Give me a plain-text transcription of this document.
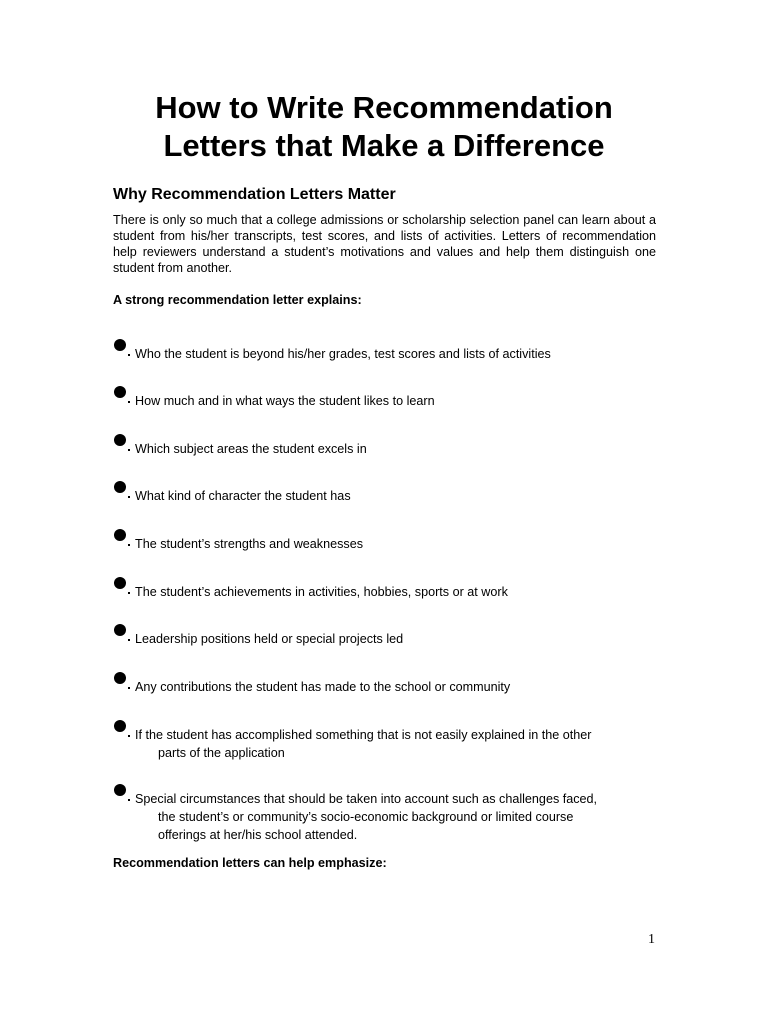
How to Write Recommendation
Letters that Make a Difference
Why Recommendation Letters Matter

There is only so much that a college admissions or scholarship selection panel can learn about a student from his/her transcripts, test scores, and lists of activities. Letters of recommendation help reviewers understand a student’s motivations and values and help them distinguish one student from another.

A strong recommendation letter explains:

Who the student is beyond his/her grades, test scores and lists of activities
How much and in what ways the student likes to learn
Which subject areas the student excels in
What kind of character the student has
The student’s strengths and weaknesses
The student’s achievements in activities, hobbies, sports or at work
Leadership positions held or special projects led
Any contributions the student has made to the school or community
If the student has accomplished something that is not easily explained in the other
parts of the application
Special circumstances that should be taken into account such as challenges faced,
the student’s or community’s socio-economic background or limited course
offerings at her/his school attended.

Recommendation letters can help emphasize:

1
